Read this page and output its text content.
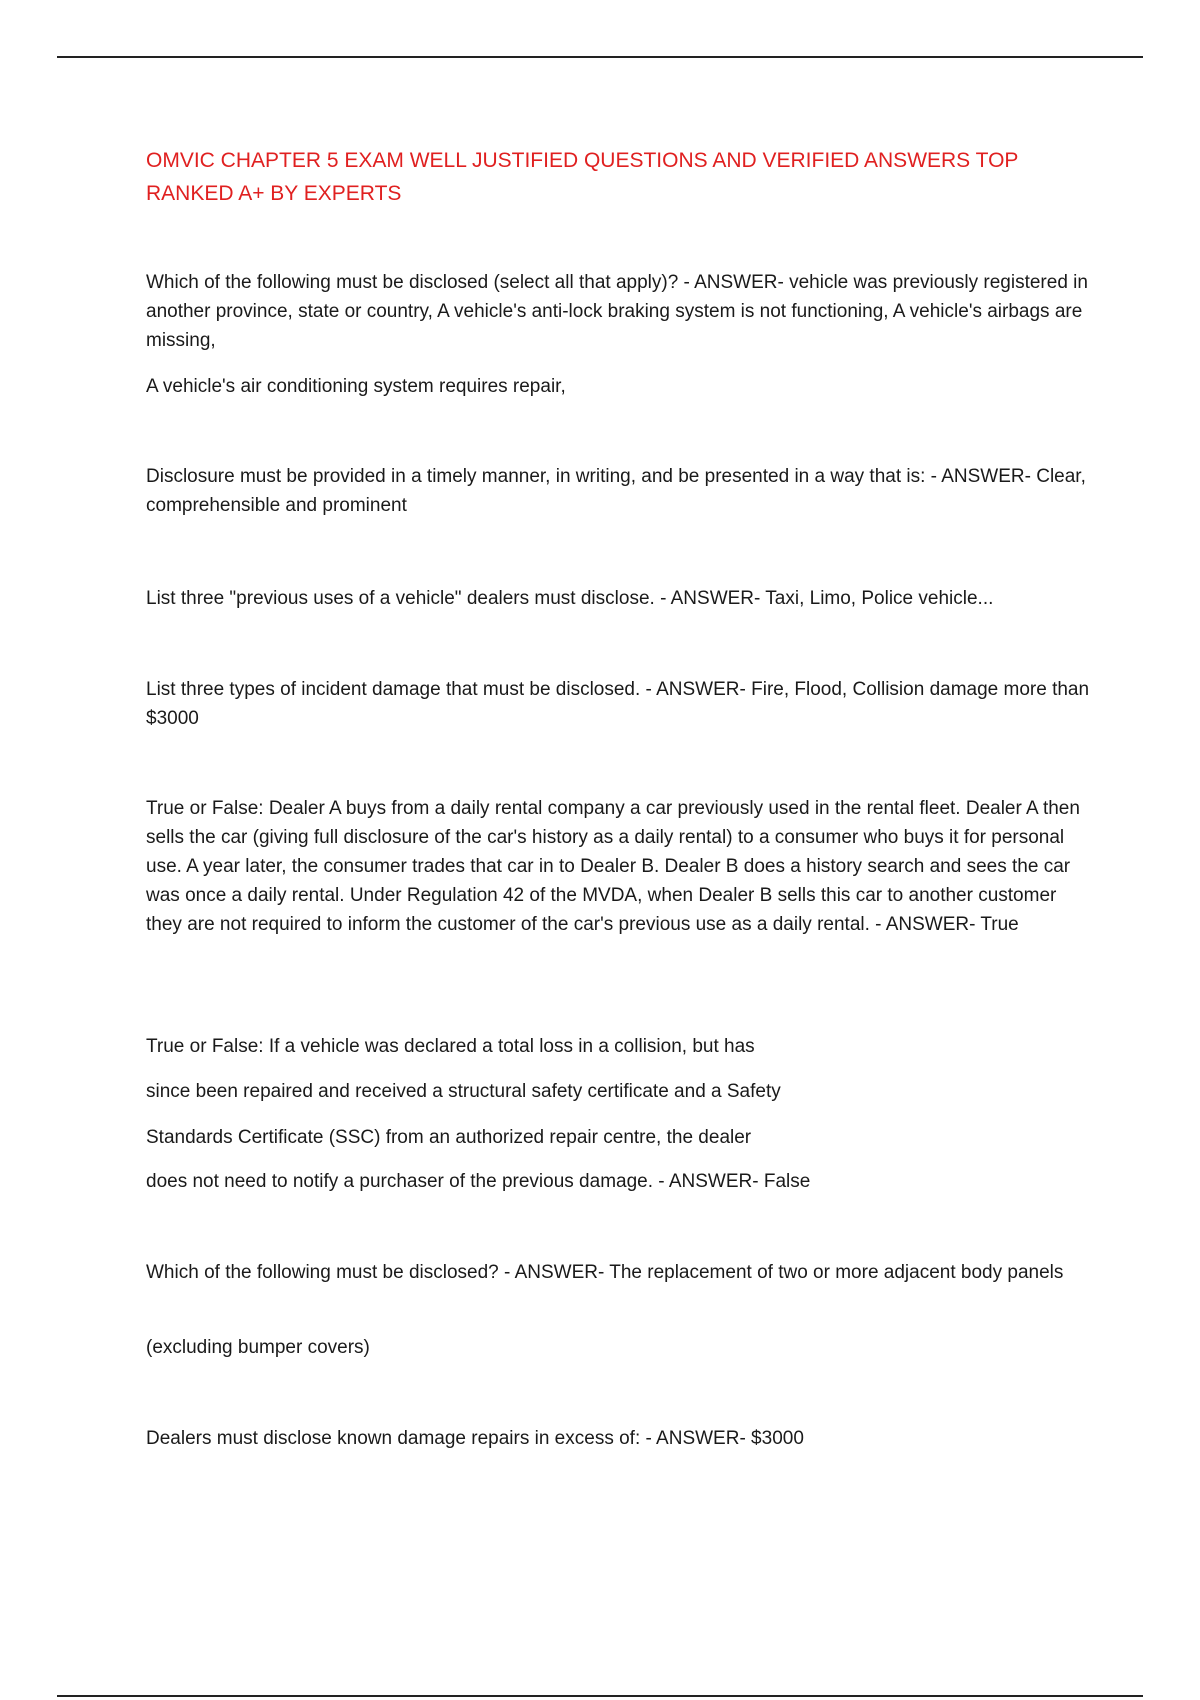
OMVIC CHAPTER 5 EXAM WELL JUSTIFIED QUESTIONS AND VERIFIED ANSWERS TOP RANKED A+ BY EXPERTS

Which of the following must be disclosed (select all that apply)? - ANSWER- vehicle was previously registered in another province, state or country, A vehicle's anti-lock braking system is not functioning, A vehicle's airbags are missing,

A vehicle's air conditioning system requires repair,

Disclosure must be provided in a timely manner, in writing, and be presented in a way that is: - ANSWER- Clear, comprehensible and prominent

List three "previous uses of a vehicle" dealers must disclose. - ANSWER- Taxi, Limo, Police vehicle...

List three types of incident damage that must be disclosed. - ANSWER- Fire, Flood, Collision damage more than $3000

True or False: Dealer A buys from a daily rental company a car previously used in the rental fleet. Dealer A then sells the car (giving full disclosure of the car's history as a daily rental) to a consumer who buys it for personal use. A year later, the consumer trades that car in to Dealer B. Dealer B does a history search and sees the car was once a daily rental. Under Regulation 42 of the MVDA, when Dealer B sells this car to another customer they are not required to inform the customer of the car's previous use as a daily rental. - ANSWER- True

True or False: If a vehicle was declared a total loss in a collision, but has

since been repaired and received a structural safety certificate and a Safety

Standards Certificate (SSC) from an authorized repair centre, the dealer

does not need to notify a purchaser of the previous damage. - ANSWER- False

Which of the following must be disclosed? - ANSWER- The replacement of two or more adjacent body panels

(excluding bumper covers)

Dealers must disclose known damage repairs in excess of: - ANSWER- $3000
